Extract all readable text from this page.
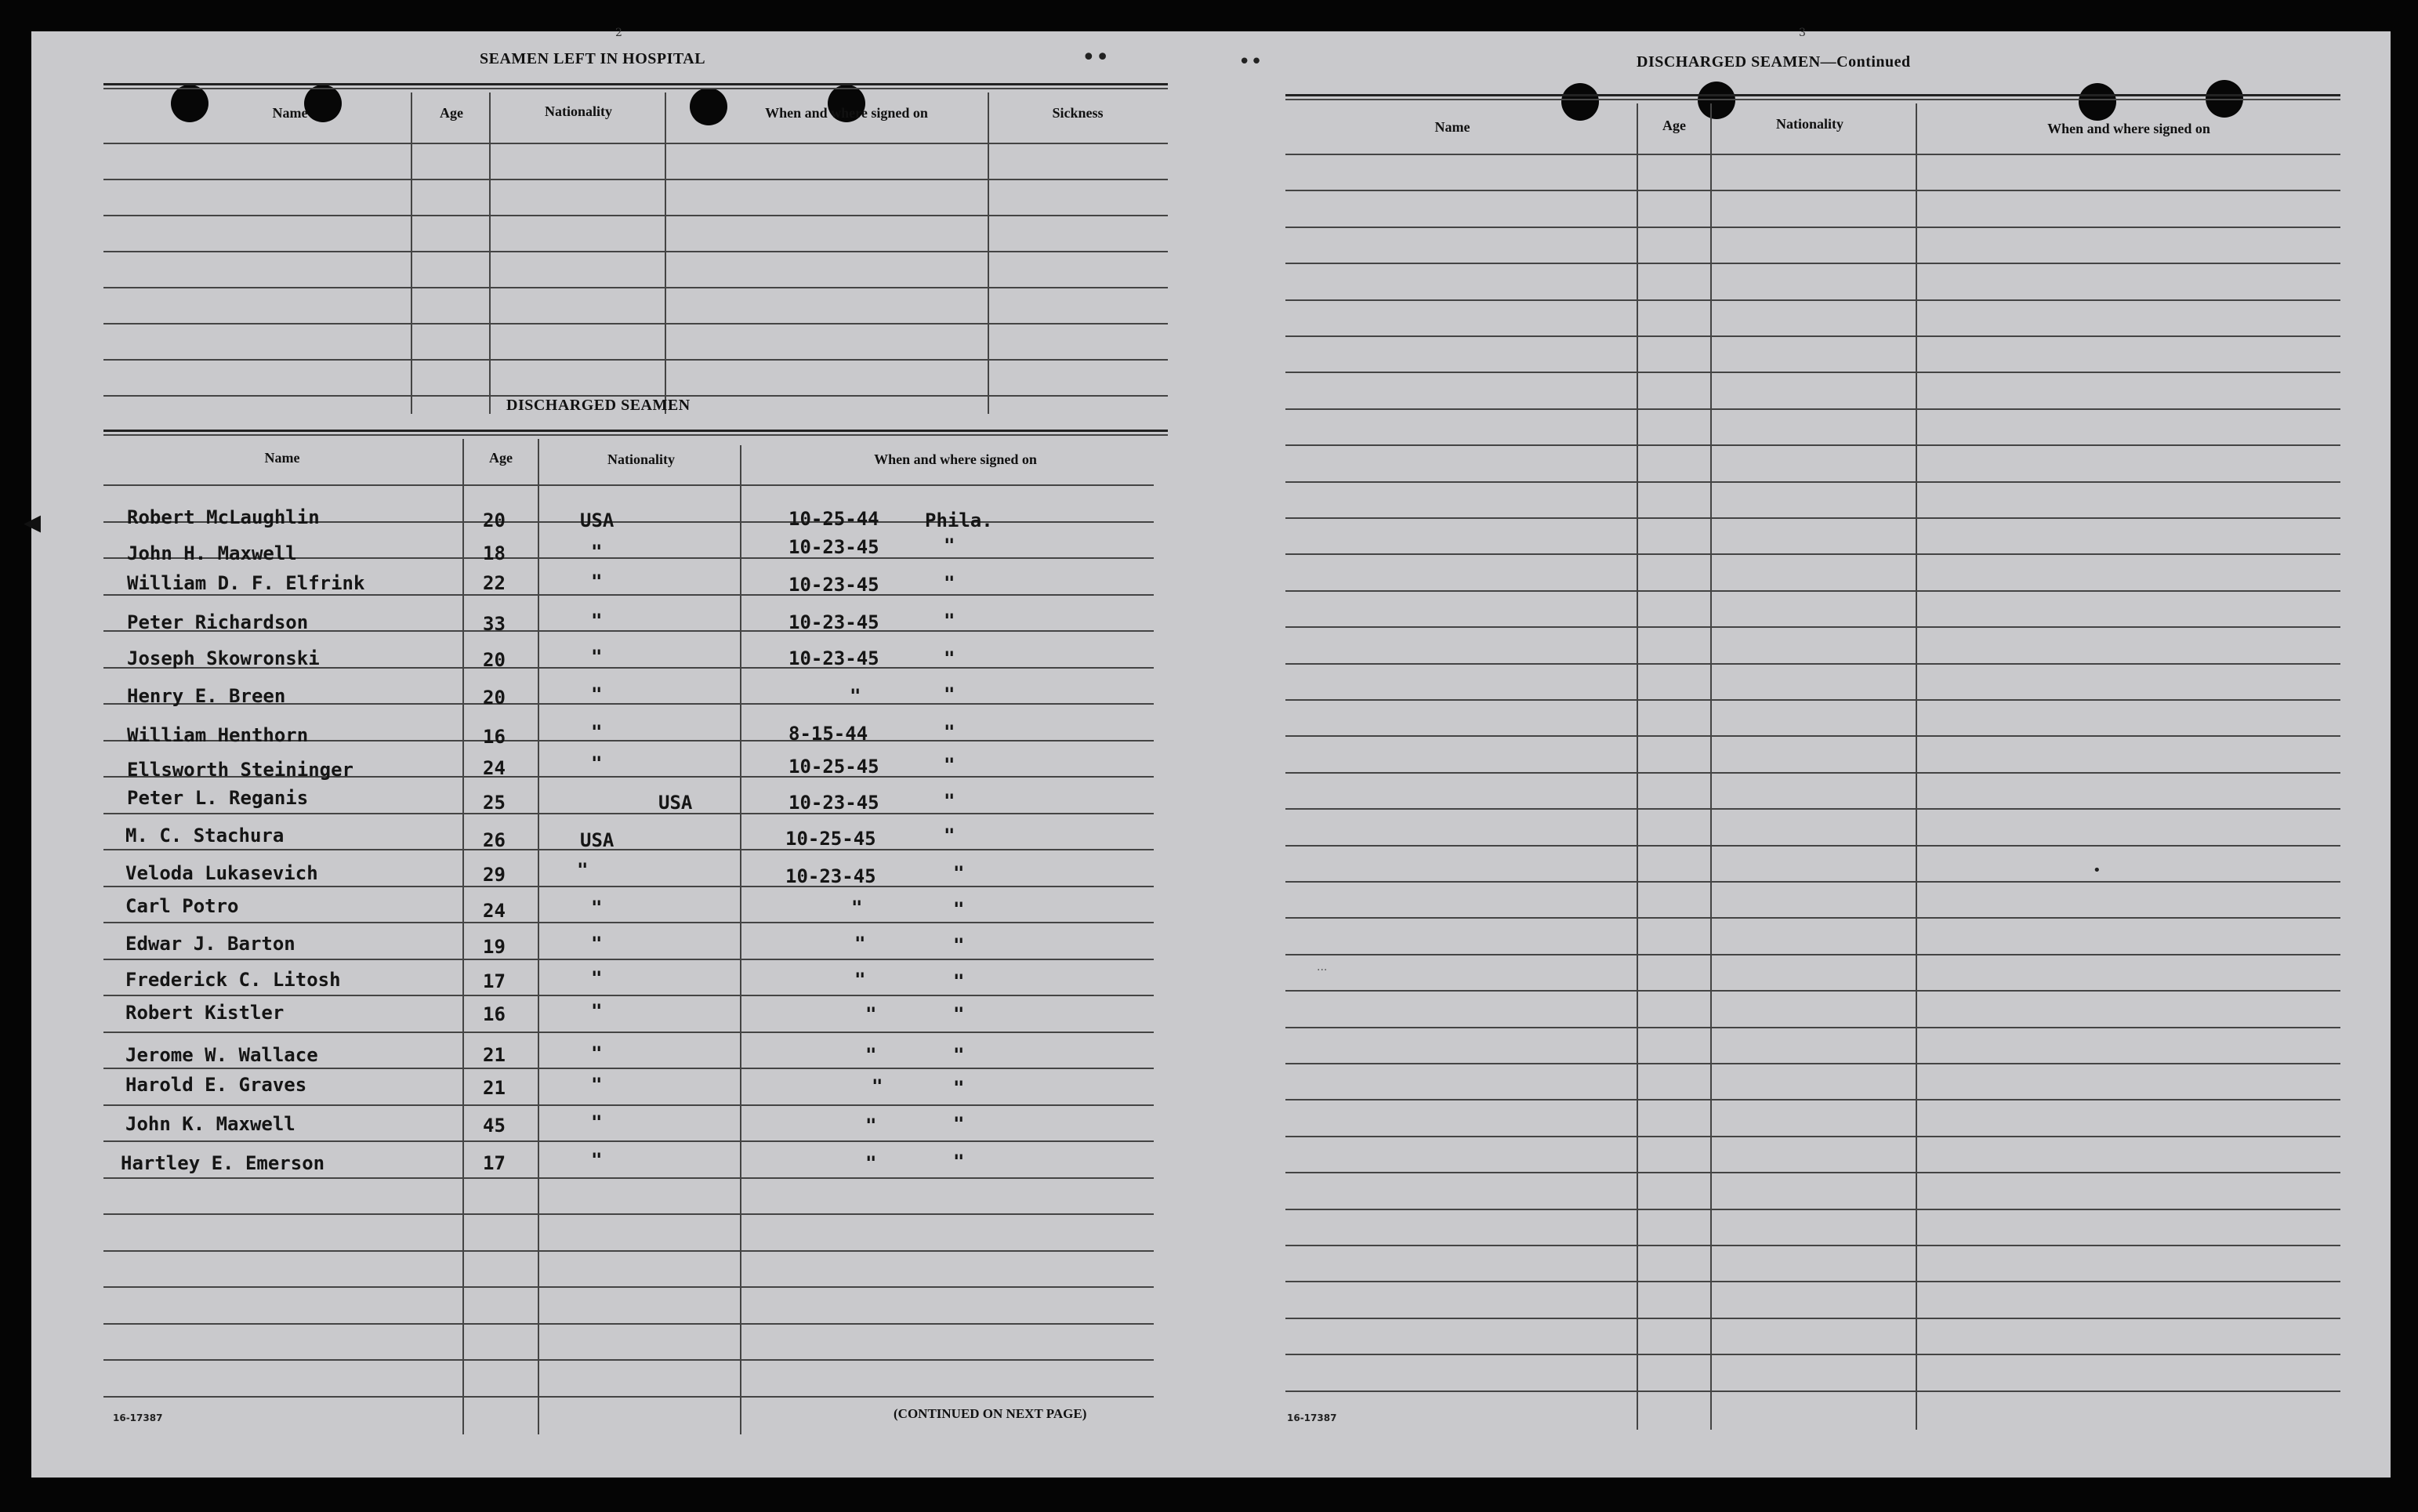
2	3
••	••
SEAMEN LEFT IN HOSPITAL
Name	Age	Nationality	When and where signed on	Sickness
DISCHARGED SEAMEN
Name	Age	Nationality	When and where signed on
Robert McLaughlin	20	USA	10-25-44 Phila.
John H. Maxwell	18	"	10-23-45	"
William D. F. Elfrink	22	"	10-23-45	"
Peter Richardson	33	"	10-23-45	"
Joseph Skowronski	20	"	10-23-45	"
Henry E. Breen	20	"	"	"
William Henthorn	16	"	8-15-44	"
Ellsworth Steininger	24	"	10-25-45	"
Peter L. Reganis	25	USA	10-23-45	"
M. C. Stachura	26	USA	10-25-45	"
Veloda Lukasevich	29	"	10-23-45	"
Carl Potro	24	"	"	"
Edwar J. Barton	19	"	"	"
Frederick C. Litosh	17	"	"	"
Robert Kistler	16	"	"	"
Jerome W. Wallace	21	"	"	"
Harold E. Graves	21	"	"	"
John K. Maxwell	45	"	"	"
Hartley E. Emerson	17	"	"	"
16-17387	(CONTINUED ON NEXT PAGE)
DISCHARGED SEAMEN—Continued
Name	Age	Nationality	When and where signed on
16-17387
•
···
◂
